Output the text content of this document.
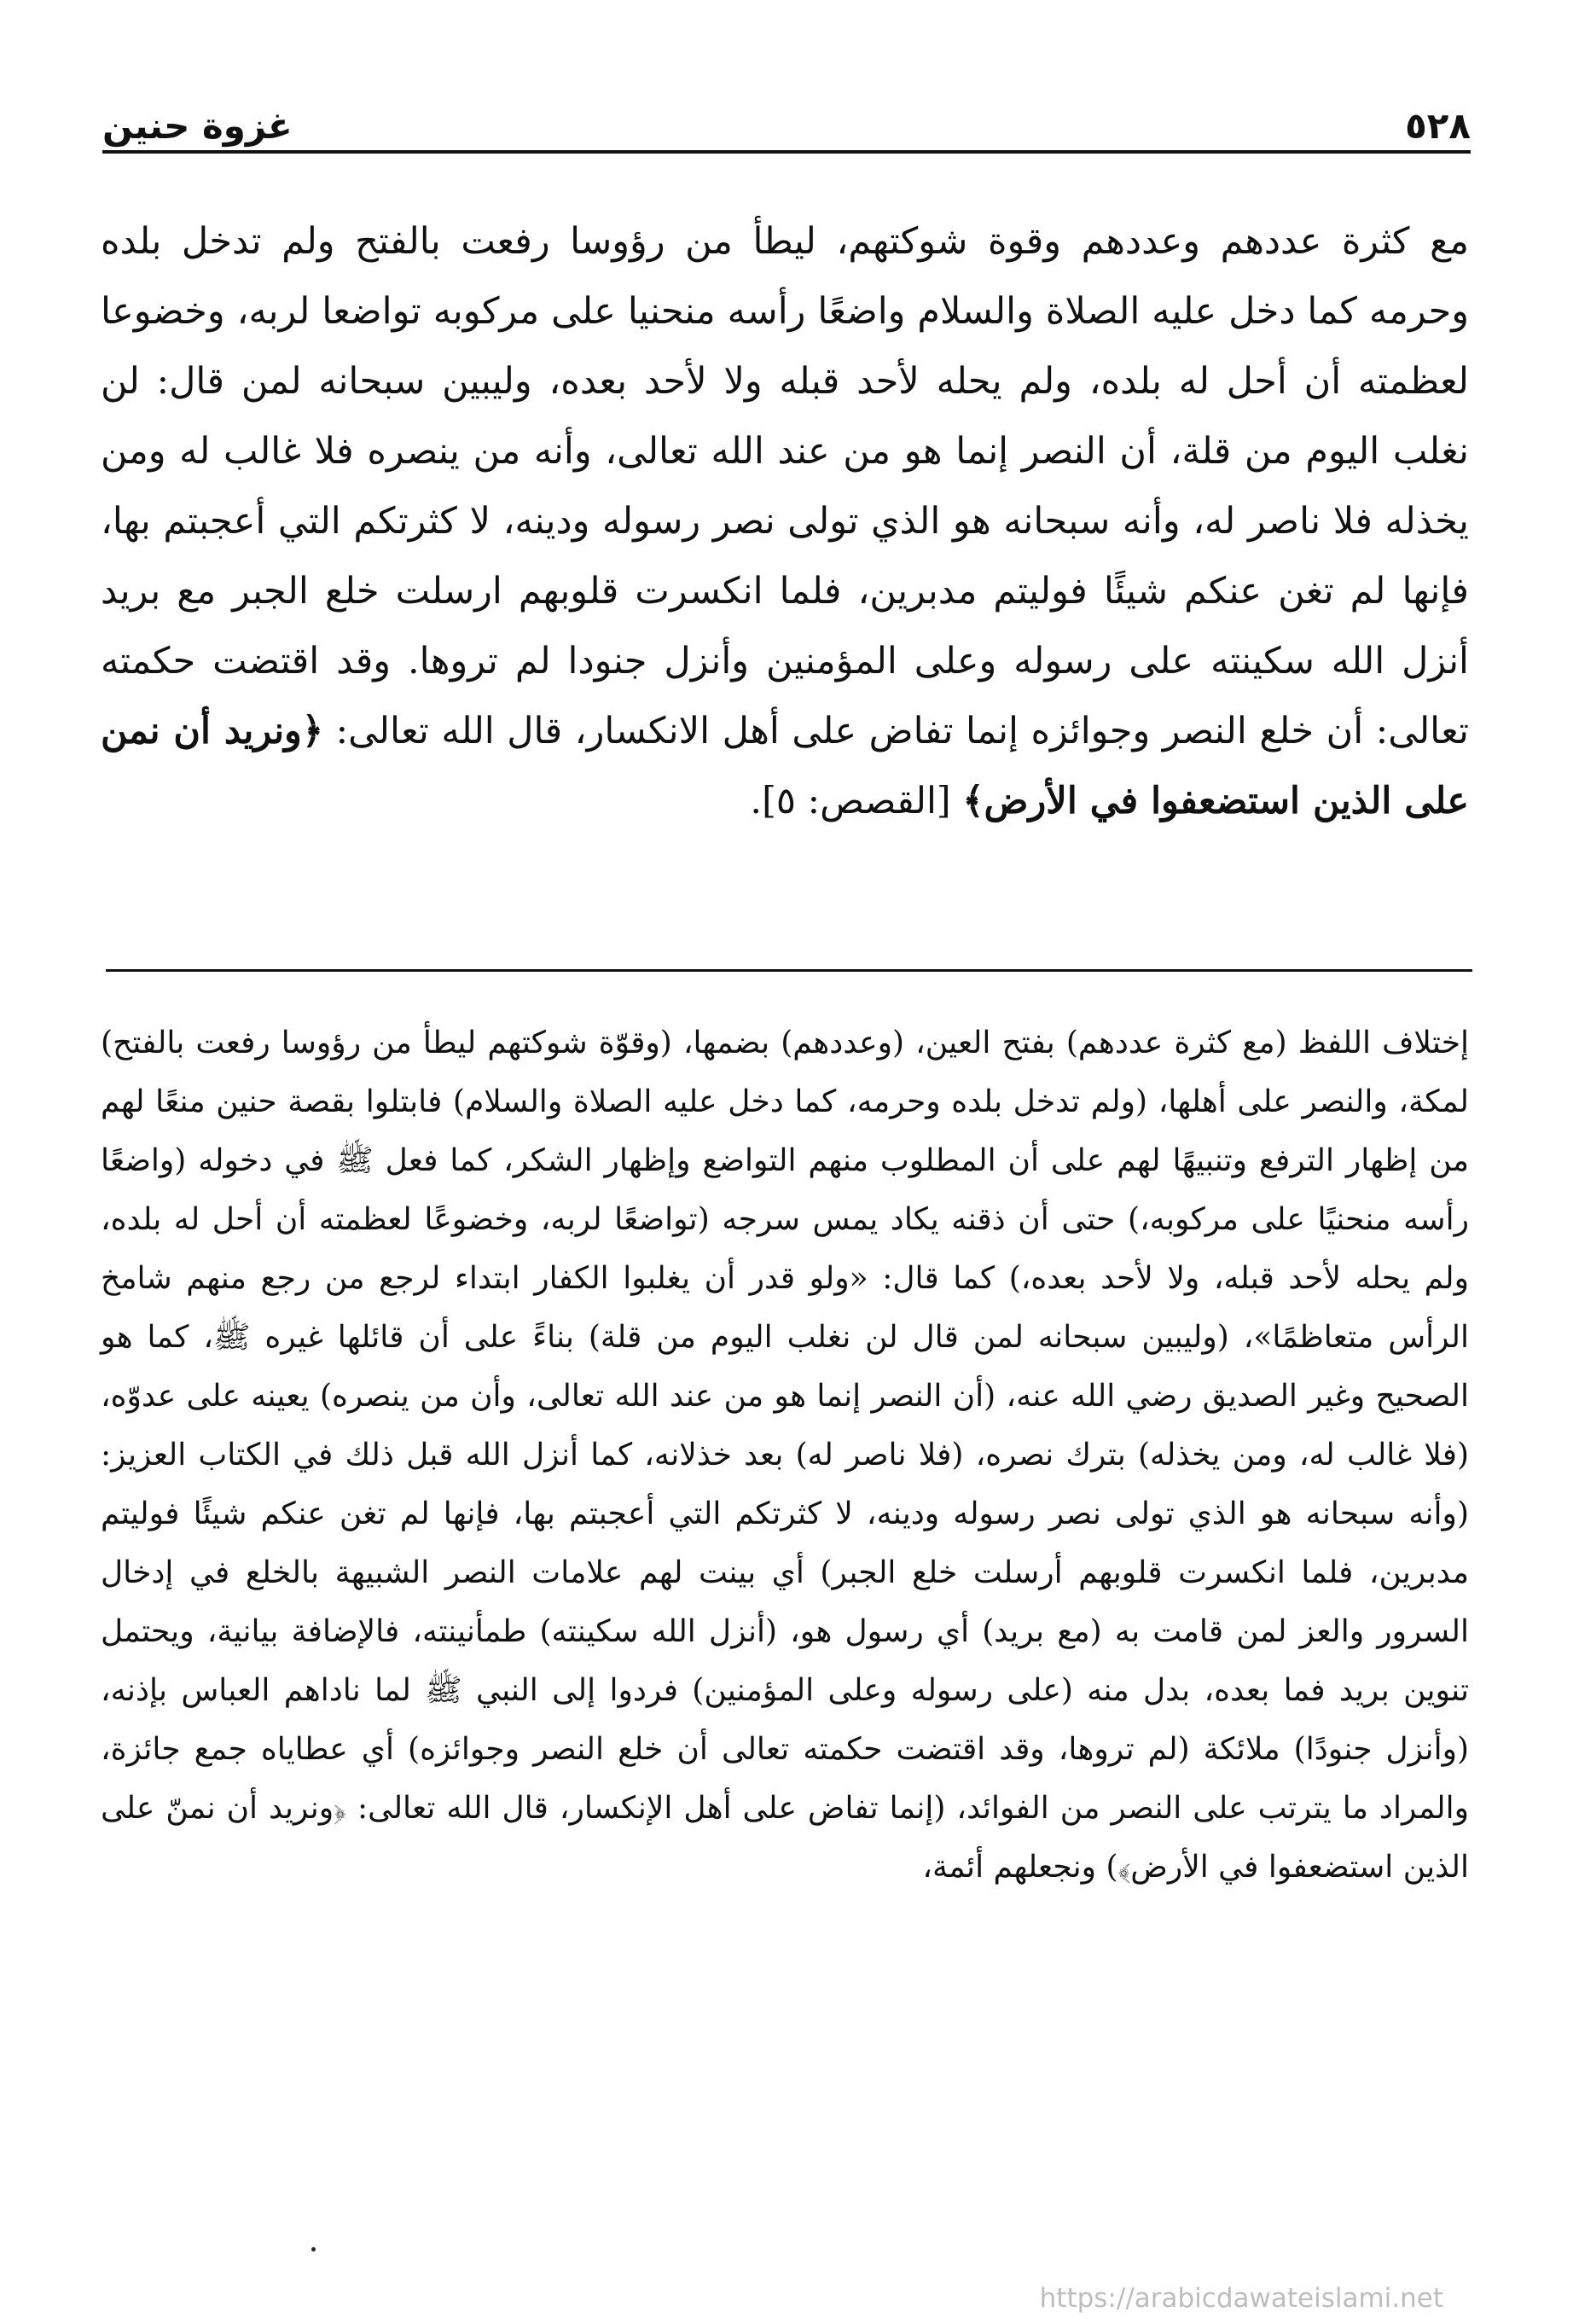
٥٢٨
غزوة حنين

مع كثرة عددهم وعددهم وقوة شوكتهم، ليطأ من رؤوسا رفعت بالفتح ولم تدخل بلده وحرمه كما دخل عليه الصلاة والسلام واضعًا رأسه منحنيا على مركوبه تواضعا لربه، وخضوعا لعظمته أن أحل له بلده، ولم يحله لأحد قبله ولا لأحد بعده، وليبين سبحانه لمن قال: لن نغلب اليوم من قلة، أن النصر إنما هو من عند الله تعالى، وأنه من ينصره فلا غالب له ومن يخذله فلا ناصر له، وأنه سبحانه هو الذي تولى نصر رسوله ودينه، لا كثرتكم التي أعجبتم بها، فإنها لم تغن عنكم شيئًا فوليتم مدبرين، فلما انكسرت قلوبهم ارسلت خلع الجبر مع بريد أنزل الله سكينته على رسوله وعلى المؤمنين وأنزل جنودا لم تروها. وقد اقتضت حكمته تعالى: أن خلع النصر وجوائزه إنما تفاض على أهل الانكسار، قال الله تعالى: ﴿ونريد أن نمن على الذين استضعفوا في الأرض﴾ [القصص: ٥].

إختلاف اللفظ (مع كثرة عددهم) بفتح العين، (وعددهم) بضمها، (وقوّة شوكتهم ليطأ من رؤوسا رفعت بالفتح) لمكة، والنصر على أهلها، (ولم تدخل بلده وحرمه، كما دخل عليه الصلاة والسلام) فابتلوا بقصة حنين منعًا لهم من إظهار الترفع وتنبيهًا لهم على أن المطلوب منهم التواضع وإظهار الشكر، كما فعل ﷺ في دخوله (واضعًا رأسه منحنيًا على مركوبه،) حتى أن ذقنه يكاد يمس سرجه (تواضعًا لربه، وخضوعًا لعظمته أن أحل له بلده، ولم يحله لأحد قبله، ولا لأحد بعده،) كما قال: «ولو قدر أن يغلبوا الكفار ابتداء لرجع من رجع منهم شامخ الرأس متعاظمًا»، (وليبين سبحانه لمن قال لن نغلب اليوم من قلة) بناءً على أن قائلها غيره ﷺ، كما هو الصحيح وغير الصديق رضي الله عنه، (أن النصر إنما هو من عند الله تعالى، وأن من ينصره) يعينه على عدوّه، (فلا غالب له، ومن يخذله) بترك نصره، (فلا ناصر له) بعد خذلانه، كما أنزل الله قبل ذلك في الكتاب العزيز: (وأنه سبحانه هو الذي تولى نصر رسوله ودينه، لا كثرتكم التي أعجبتم بها، فإنها لم تغن عنكم شيئًا فوليتم مدبرين، فلما انكسرت قلوبهم أرسلت خلع الجبر) أي بينت لهم علامات النصر الشبيهة بالخلع في إدخال السرور والعز لمن قامت به (مع بريد) أي رسول هو، (أنزل الله سكينته) طمأنينته، فالإضافة بيانية، ويحتمل تنوين بريد فما بعده، بدل منه (على رسوله وعلى المؤمنين) فردوا إلى النبي ﷺ لما ناداهم العباس بإذنه، (وأنزل جنودًا) ملائكة (لم تروها، وقد اقتضت حكمته تعالى أن خلع النصر وجوائزه) أي عطاياه جمع جائزة، والمراد ما يترتب على النصر من الفوائد، (إنما تفاض على أهل الإنكسار، قال الله تعالى: ﴿ونريد أن نمنّ على الذين استضعفوا في الأرض﴾) ونجعلهم أئمة،

https://arabicdawateislami.net
